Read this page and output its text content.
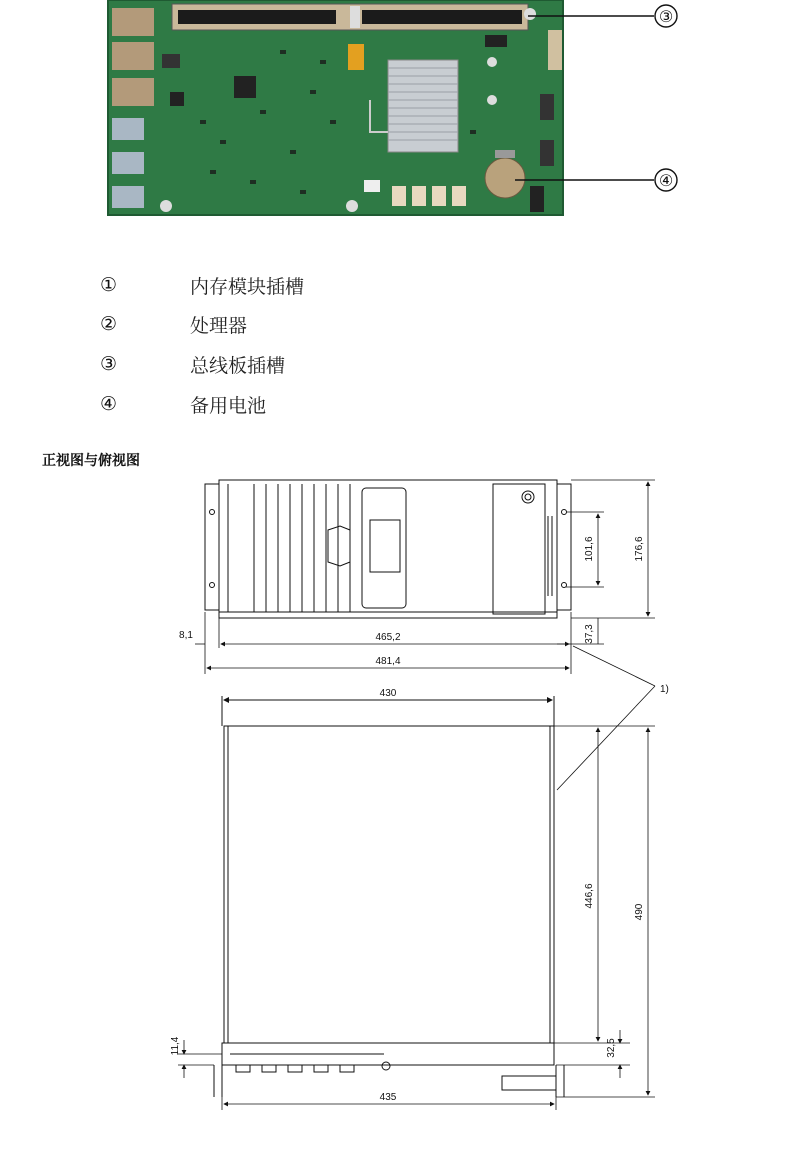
③
④
①	内存模块插槽
②	处理器
③	总线板插槽
④	备用电池
正视图与俯视图
176,6
101,6
37,3
8,1	465,2
481,4
1)
430
446,6
490
32,5
11,4
435
